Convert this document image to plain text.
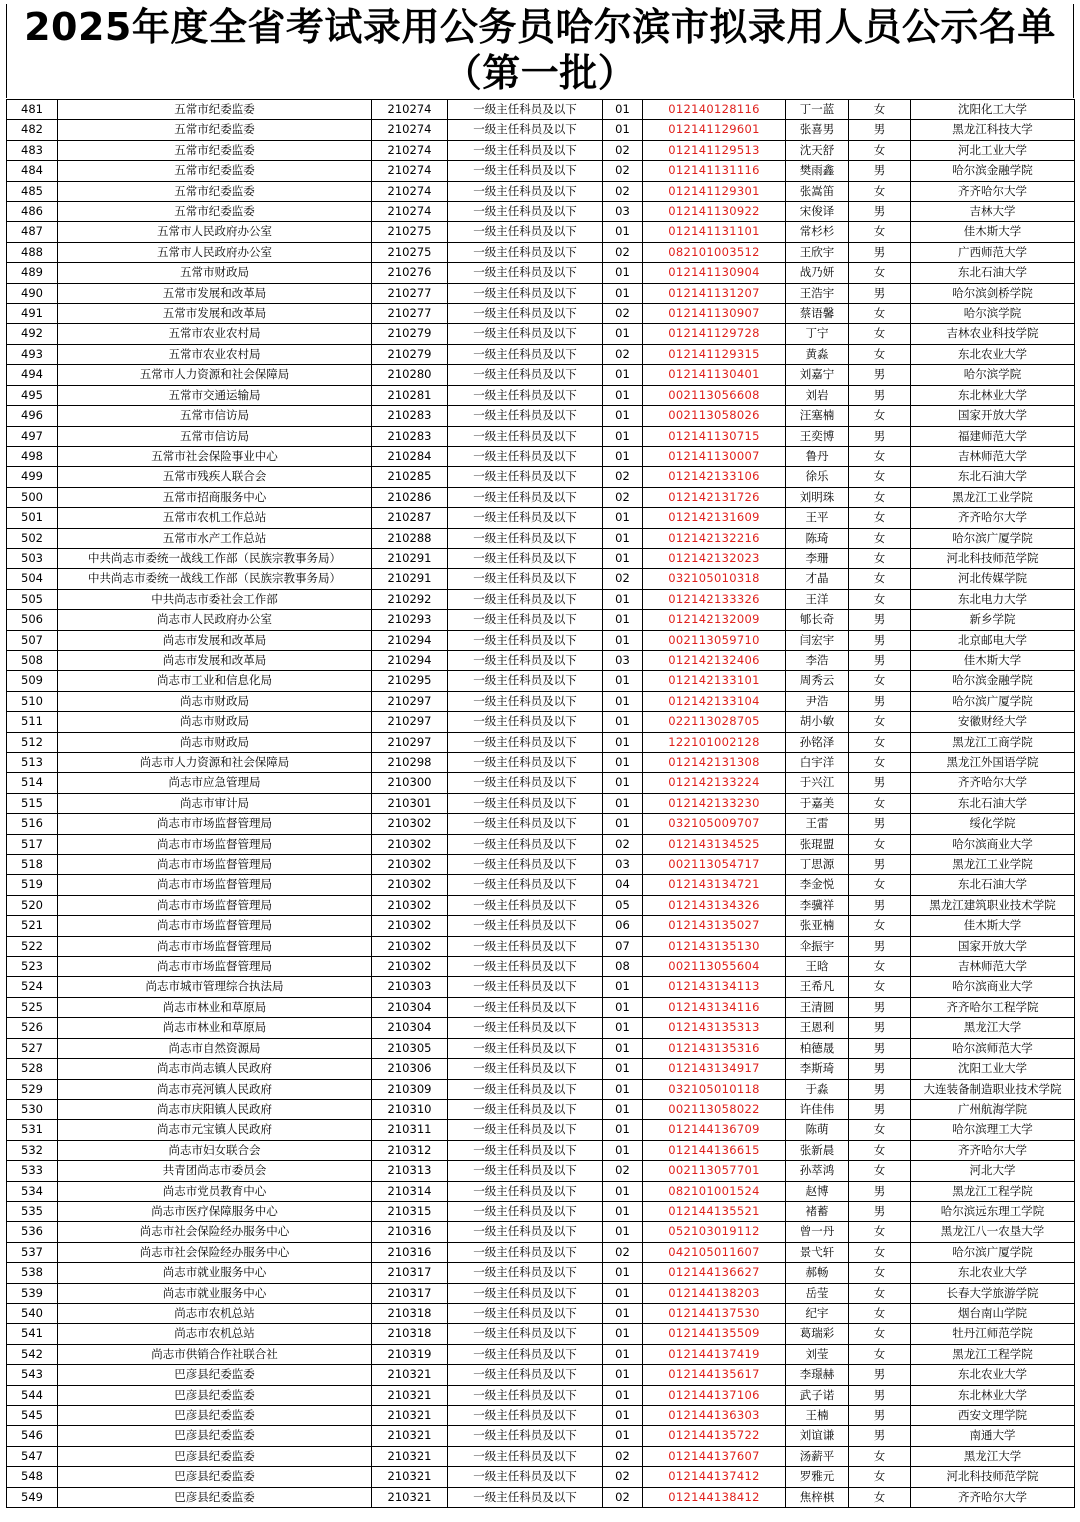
2025年度全省考试录用公务员哈尔滨市拟录用人员公示名单（第一批）
481	五常市纪委监委	210274	一级主任科员及以下	01	012140128116	丁一蓝	女	沈阳化工大学
482	五常市纪委监委	210274	一级主任科员及以下	01	012141129601	张喜男	男	黑龙江科技大学
483	五常市纪委监委	210274	一级主任科员及以下	02	012141129513	沈天舒	女	河北工业大学
484	五常市纪委监委	210274	一级主任科员及以下	02	012141131116	樊雨鑫	男	哈尔滨金融学院
485	五常市纪委监委	210274	一级主任科员及以下	02	012141129301	张嵩笛	女	齐齐哈尔大学
486	五常市纪委监委	210274	一级主任科员及以下	03	012141130922	宋俊译	男	吉林大学
487	五常市人民政府办公室	210275	一级主任科员及以下	01	012141131101	常杉杉	女	佳木斯大学
488	五常市人民政府办公室	210275	一级主任科员及以下	02	082101003512	王欣宇	男	广西师范大学
489	五常市财政局	210276	一级主任科员及以下	01	012141130904	战乃妍	女	东北石油大学
490	五常市发展和改革局	210277	一级主任科员及以下	01	012141131207	王浩宇	男	哈尔滨剑桥学院
491	五常市发展和改革局	210277	一级主任科员及以下	02	012141130907	蔡语馨	女	哈尔滨学院
492	五常市农业农村局	210279	一级主任科员及以下	01	012141129728	丁宁	女	吉林农业科技学院
493	五常市农业农村局	210279	一级主任科员及以下	02	012141129315	黄淼	女	东北农业大学
494	五常市人力资源和社会保障局	210280	一级主任科员及以下	01	012141130401	刘嘉宁	男	哈尔滨学院
495	五常市交通运输局	210281	一级主任科员及以下	01	002113056608	刘岩	男	东北林业大学
496	五常市信访局	210283	一级主任科员及以下	01	002113058026	汪塞楠	女	国家开放大学
497	五常市信访局	210283	一级主任科员及以下	01	012141130715	王奕博	男	福建师范大学
498	五常市社会保险事业中心	210284	一级主任科员及以下	01	012141130007	鲁丹	女	吉林师范大学
499	五常市残疾人联合会	210285	一级主任科员及以下	02	012142133106	徐乐	女	东北石油大学
500	五常市招商服务中心	210286	一级主任科员及以下	02	012142131726	刘明珠	女	黑龙江工业学院
501	五常市农机工作总站	210287	一级主任科员及以下	01	012142131609	王平	女	齐齐哈尔大学
502	五常市水产工作总站	210288	一级主任科员及以下	01	012142132216	陈琦	女	哈尔滨广厦学院
503	中共尚志市委统一战线工作部（民族宗教事务局）	210291	一级主任科员及以下	01	012142132023	李珊	女	河北科技师范学院
504	中共尚志市委统一战线工作部（民族宗教事务局）	210291	一级主任科员及以下	02	032105010318	才晶	女	河北传媒学院
505	中共尚志市委社会工作部	210292	一级主任科员及以下	01	012142133326	王洋	女	东北电力大学
506	尚志市人民政府办公室	210293	一级主任科员及以下	01	012142132009	郇长奇	男	新乡学院
507	尚志市发展和改革局	210294	一级主任科员及以下	01	002113059710	闫宏宇	男	北京邮电大学
508	尚志市发展和改革局	210294	一级主任科员及以下	03	012142132406	李浩	男	佳木斯大学
509	尚志市工业和信息化局	210295	一级主任科员及以下	01	012142133101	周秀云	女	哈尔滨金融学院
510	尚志市财政局	210297	一级主任科员及以下	01	012142133104	尹浩	男	哈尔滨广厦学院
511	尚志市财政局	210297	一级主任科员及以下	01	022113028705	胡小敏	女	安徽财经大学
512	尚志市财政局	210297	一级主任科员及以下	01	122101002128	孙铭泽	女	黑龙江工商学院
513	尚志市人力资源和社会保障局	210298	一级主任科员及以下	01	012142131308	白宇洋	女	黑龙江外国语学院
514	尚志市应急管理局	210300	一级主任科员及以下	01	012142133224	于兴江	男	齐齐哈尔大学
515	尚志市审计局	210301	一级主任科员及以下	01	012142133230	于嘉美	女	东北石油大学
516	尚志市市场监督管理局	210302	一级主任科员及以下	01	032105009707	王雷	男	绥化学院
517	尚志市市场监督管理局	210302	一级主任科员及以下	02	012143134525	张琨盟	女	哈尔滨商业大学
518	尚志市市场监督管理局	210302	一级主任科员及以下	03	002113054717	丁思源	男	黑龙江工业学院
519	尚志市市场监督管理局	210302	一级主任科员及以下	04	012143134721	李金悦	女	东北石油大学
520	尚志市市场监督管理局	210302	一级主任科员及以下	05	012143134326	李骥祥	男	黑龙江建筑职业技术学院
521	尚志市市场监督管理局	210302	一级主任科员及以下	06	012143135027	张亚楠	女	佳木斯大学
522	尚志市市场监督管理局	210302	一级主任科员及以下	07	012143135130	伞振宇	男	国家开放大学
523	尚志市市场监督管理局	210302	一级主任科员及以下	08	002113055604	王晗	女	吉林师范大学
524	尚志市城市管理综合执法局	210303	一级主任科员及以下	01	012143134113	王希凡	女	哈尔滨商业大学
525	尚志市林业和草原局	210304	一级主任科员及以下	01	012143134116	王清圆	男	齐齐哈尔工程学院
526	尚志市林业和草原局	210304	一级主任科员及以下	01	012143135313	王恩利	男	黑龙江大学
527	尚志市自然资源局	210305	一级主任科员及以下	01	012143135316	柏德晟	男	哈尔滨师范大学
528	尚志市尚志镇人民政府	210306	一级主任科员及以下	01	012143134917	李斯琦	男	沈阳工业大学
529	尚志市亮河镇人民政府	210309	一级主任科员及以下	01	032105010118	于淼	男	大连装备制造职业技术学院
530	尚志市庆阳镇人民政府	210310	一级主任科员及以下	01	002113058022	许佳伟	男	广州航海学院
531	尚志市元宝镇人民政府	210311	一级主任科员及以下	01	012144136709	陈萌	女	哈尔滨理工大学
532	尚志市妇女联合会	210312	一级主任科员及以下	01	012144136615	张新晨	女	齐齐哈尔大学
533	共青团尚志市委员会	210313	一级主任科员及以下	02	002113057701	孙萃鸿	女	河北大学
534	尚志市党员教育中心	210314	一级主任科员及以下	01	082101001524	赵博	男	黑龙江工程学院
535	尚志市医疗保障服务中心	210315	一级主任科员及以下	01	012144135521	褚蓄	男	哈尔滨远东理工学院
536	尚志市社会保险经办服务中心	210316	一级主任科员及以下	01	052103019112	曾一丹	女	黑龙江八一农垦大学
537	尚志市社会保险经办服务中心	210316	一级主任科员及以下	02	042105011607	景弋轩	女	哈尔滨广厦学院
538	尚志市就业服务中心	210317	一级主任科员及以下	01	012144136627	郝畅	女	东北农业大学
539	尚志市就业服务中心	210317	一级主任科员及以下	01	012144138203	岳莹	女	长春大学旅游学院
540	尚志市农机总站	210318	一级主任科员及以下	01	012144137530	纪宇	女	烟台南山学院
541	尚志市农机总站	210318	一级主任科员及以下	01	012144135509	葛瑞彩	女	牡丹江师范学院
542	尚志市供销合作社联合社	210319	一级主任科员及以下	01	012144137419	刘莹	女	黑龙江工程学院
543	巴彦县纪委监委	210321	一级主任科员及以下	01	012144135617	李璟赫	男	东北农业大学
544	巴彦县纪委监委	210321	一级主任科员及以下	01	012144137106	武子诺	男	东北林业大学
545	巴彦县纪委监委	210321	一级主任科员及以下	01	012144136303	王楠	男	西安文理学院
546	巴彦县纪委监委	210321	一级主任科员及以下	01	012144135722	刘谊谦	男	南通大学
547	巴彦县纪委监委	210321	一级主任科员及以下	02	012144137607	汤薪平	女	黑龙江大学
548	巴彦县纪委监委	210321	一级主任科员及以下	02	012144137412	罗雅元	女	河北科技师范学院
549	巴彦县纪委监委	210321	一级主任科员及以下	02	012144138412	焦梓棋	女	齐齐哈尔大学
